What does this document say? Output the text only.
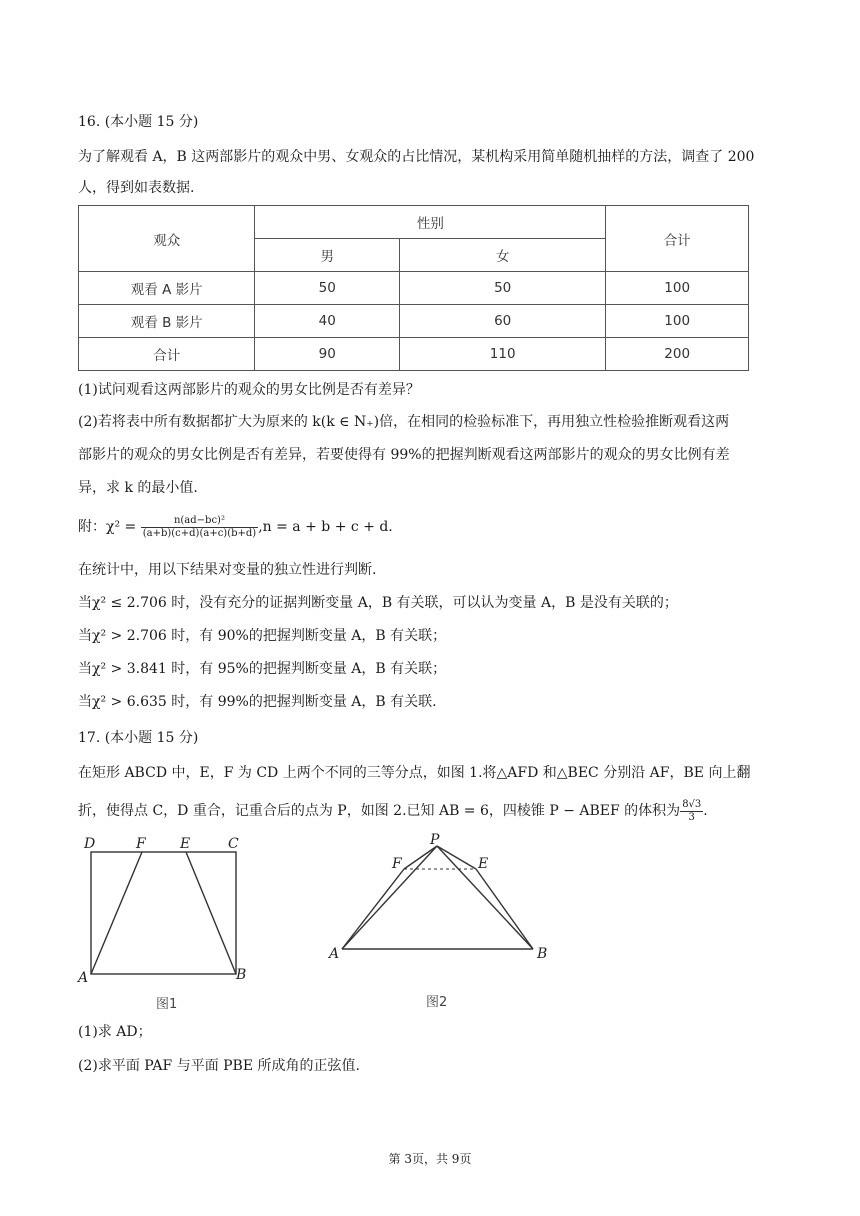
16. (本小题 15 分)
为了解观看 A，B 这两部影片的观众中男、女观众的占比情况，某机构采用简单随机抽样的方法，调查了 200
人，得到如表数据.
观众	性别		合计
	男	女	
观看 A 影片	50	50	100
观看 B 影片	40	60	100
合计	90	110	200
(1)试问观看这两部影片的观众的男女比例是否有差异？
(2)若将表中所有数据都扩大为原来的 k(k ∈ N₊)倍，在相同的检验标准下，再用独立性检验推断观看这两
部影片的观众的男女比例是否有差异，若要使得有 99%的把握判断观看这两部影片的观众的男女比例有差
异，求 k 的最小值.
附：$\chi^2 = \frac{\text{n(ad−bc)²}}{(a+b)(c+d)(a+c)(b+d)} ,n = a + b + c + d$.
在统计中，用以下结果对变量的独立性进行判断.
当χ² ≤ 2.706 时，没有充分的证据判断变量 A，B 有关联，可以认为变量 A，B 是没有关联的；
当χ² > 2.706 时，有 90%的把握判断变量 A，B 有关联；
当χ² > 3.841 时，有 95%的把握判断变量 A，B 有关联；
当χ² > 6.635 时，有 99%的把握判断变量 A，B 有关联.
17. (本小题 15 分)
在矩形 ABCD 中，E，F 为 CD 上两个不同的三等分点，如图 1.将△AFD 和△BEC 分别沿 AF，BE 向上翻
折，使得点 C，D 重合，记重合后的点为 P，如图 2.已知 AB = 6，四棱锥 P − ABEF 的体积为 $\frac{8√3}{3}$ .
D	F E	C
A	B
图1
P
F	E
A	B
图2
(1)求 AD；
(2)求平面 PAF 与平面 PBE 所成角的正弦值.
第 3页，共 9页
